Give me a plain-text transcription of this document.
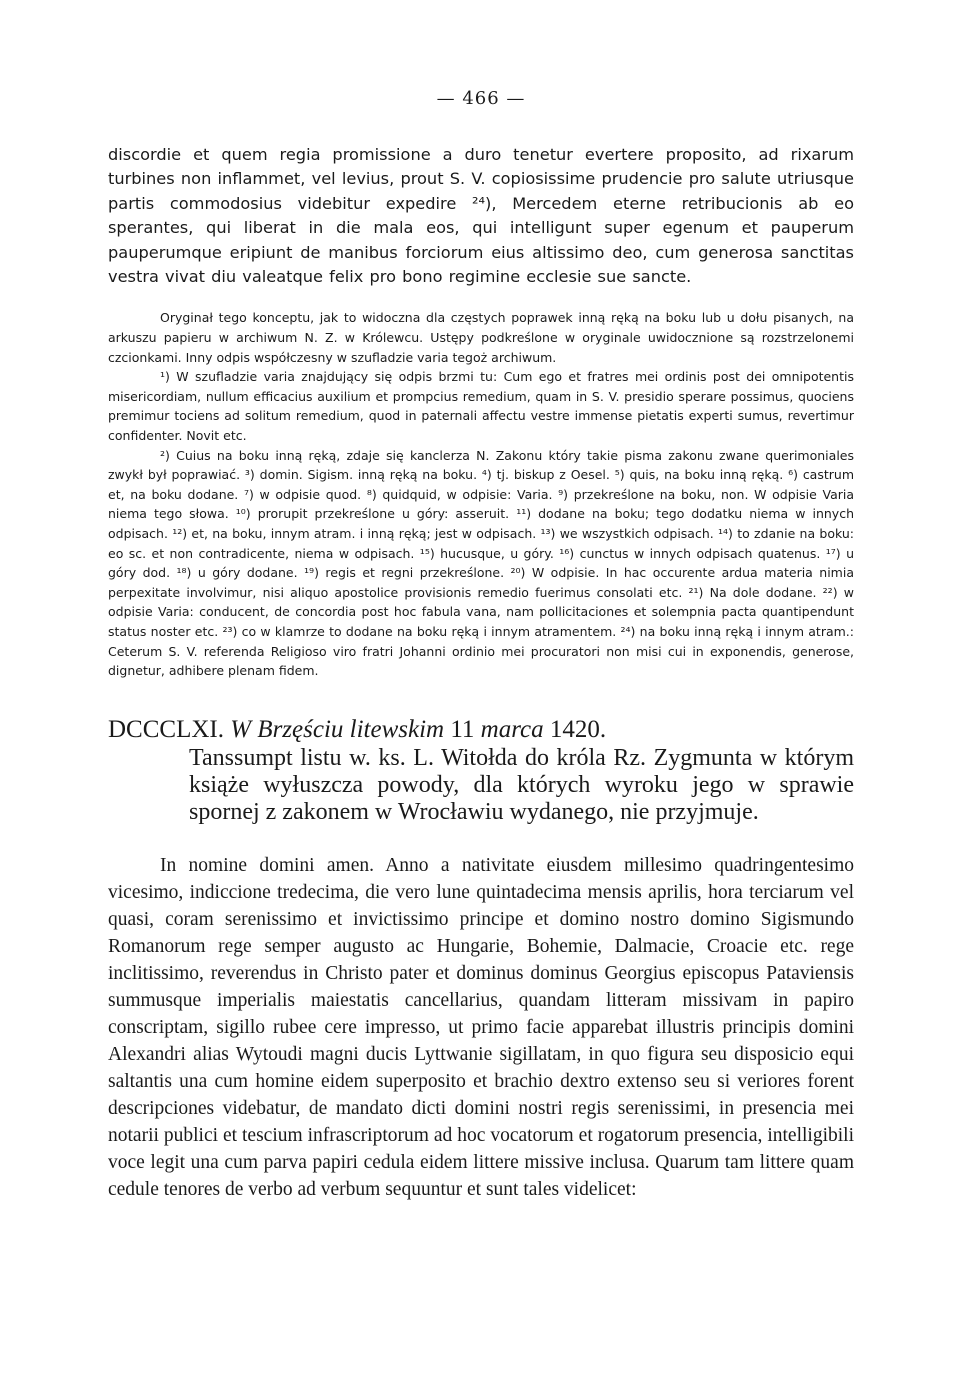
— 466 —

discordie et quem regia promissione a duro tenetur evertere proposito, ad rixarum turbines non inflammet, vel levius, prout S. V. copiosissime prudencie pro salute utriusque partis commodosius videbitur expedire ²⁴), Mercedem eterne retribucionis ab eo sperantes, qui liberat in die mala eos, qui intelligunt super egenum et pauperum pauperumque eripiunt de manibus forciorum eius altissimo deo, cum generosa sanctitas vestra vivat diu valeatque felix pro bono regimine ecclesie sue sancte.

Oryginał tego konceptu, jak to widoczna dla częstych poprawek inną ręką na boku lub u dołu pisanych, na arkuszu papieru w archiwum N. Z. w Królewcu. Ustępy podkreślone w oryginale uwidocznione są rozstrzelonemi czcionkami. Inny odpis współczesny w szufladzie varia tegoż archiwum.

¹) W szufladzie varia znajdujący się odpis brzmi tu: Cum ego et fratres mei ordinis post dei omnipotentis misericordiam, nullum efficacius auxilium et prompcius remedium, quam in S. V. presidio sperare possimus, quociens premimur tociens ad solitum remedium, quod in paternali affectu vestre immense pietatis experti sumus, revertimur confidenter. Novit etc.

²) Cuius na boku inną ręką, zdaje się kanclerza N. Zakonu który takie pisma zakonu zwane querimoniales zwykł był poprawiać. ³) domin. Sigism. inną ręką na boku. ⁴) tj. biskup z Oesel. ⁵) quis, na boku inną ręką. ⁶) castrum et, na boku dodane. ⁷) w odpisie quod. ⁸) quidquid, w odpisie: Varia. ⁹) przekreślone na boku, non. W odpisie Varia niema tego słowa. ¹⁰) prorupit przekreślone u góry: asseruit. ¹¹) dodane na boku; tego dodatku niema w innych odpisach. ¹²) et, na boku, innym atram. i inną ręką; jest w odpisach. ¹³) we wszystkich odpisach. ¹⁴) to zdanie na boku: eo sc. et non contradicente, niema w odpisach. ¹⁵) hucusque, u góry. ¹⁶) cunctus w innych odpisach quatenus. ¹⁷) u góry dod. ¹⁸) u góry dodane. ¹⁹) regis et regni przekreślone. ²⁰) W odpisie. In hac occurente ardua materia nimia perpexitate involvimur, nisi aliquo apostolice provisionis remedio fuerimus consolati etc. ²¹) Na dole dodane. ²²) w odpisie Varia: conducent, de concordia post hoc fabula vana, nam pollicitaciones et solempnia pacta quantipendunt status noster etc. ²³) co w klamrze to dodane na boku ręką i innym atramentem. ²⁴) na boku inną ręką i innym atram.: Ceterum S. V. referenda Religioso viro fratri Johanni ordinio mei procuratori non misi cui in exponendis, generose, dignetur, adhibere plenam fidem.

DCCCLXI. W Brzęściu litewskim 11 marca 1420.

Tanssumpt listu w. ks. L. Witołda do króla Rz. Zygmunta w którym książe wyłuszcza powody, dla których wyroku jego w sprawie spornej z zakonem w Wrocławiu wydanego, nie przyjmuje.

In nomine domini amen. Anno a nativitate eiusdem millesimo quadringentesimo vicesimo, indiccione tredecima, die vero lune quintadecima mensis aprilis, hora terciarum vel quasi, coram serenissimo et invictissimo principe et domino nostro domino Sigismundo Romanorum rege semper augusto ac Hungarie, Bohemie, Dalmacie, Croacie etc. rege inclitissimo, reverendus in Christo pater et dominus dominus Georgius episcopus Pataviensis summusque imperialis maiestatis cancellarius, quandam litteram missivam in papiro conscriptam, sigillo rubee cere impresso, ut primo facie apparebat illustris principis domini Alexandri alias Wytoudi magni ducis Lyttwanie sigillatam, in quo figura seu disposicio equi saltantis una cum homine eidem superposito et brachio dextro extenso seu si veriores forent descripciones videbatur, de mandato dicti domini nostri regis serenissimi, in presencia mei notarii publici et tescium infrascriptorum ad hoc vocatorum et rogatorum presencia, intelligibili voce legit una cum parva papiri cedula eidem littere missive inclusa. Quarum tam littere quam cedule tenores de verbo ad verbum sequuntur et sunt tales videlicet:
